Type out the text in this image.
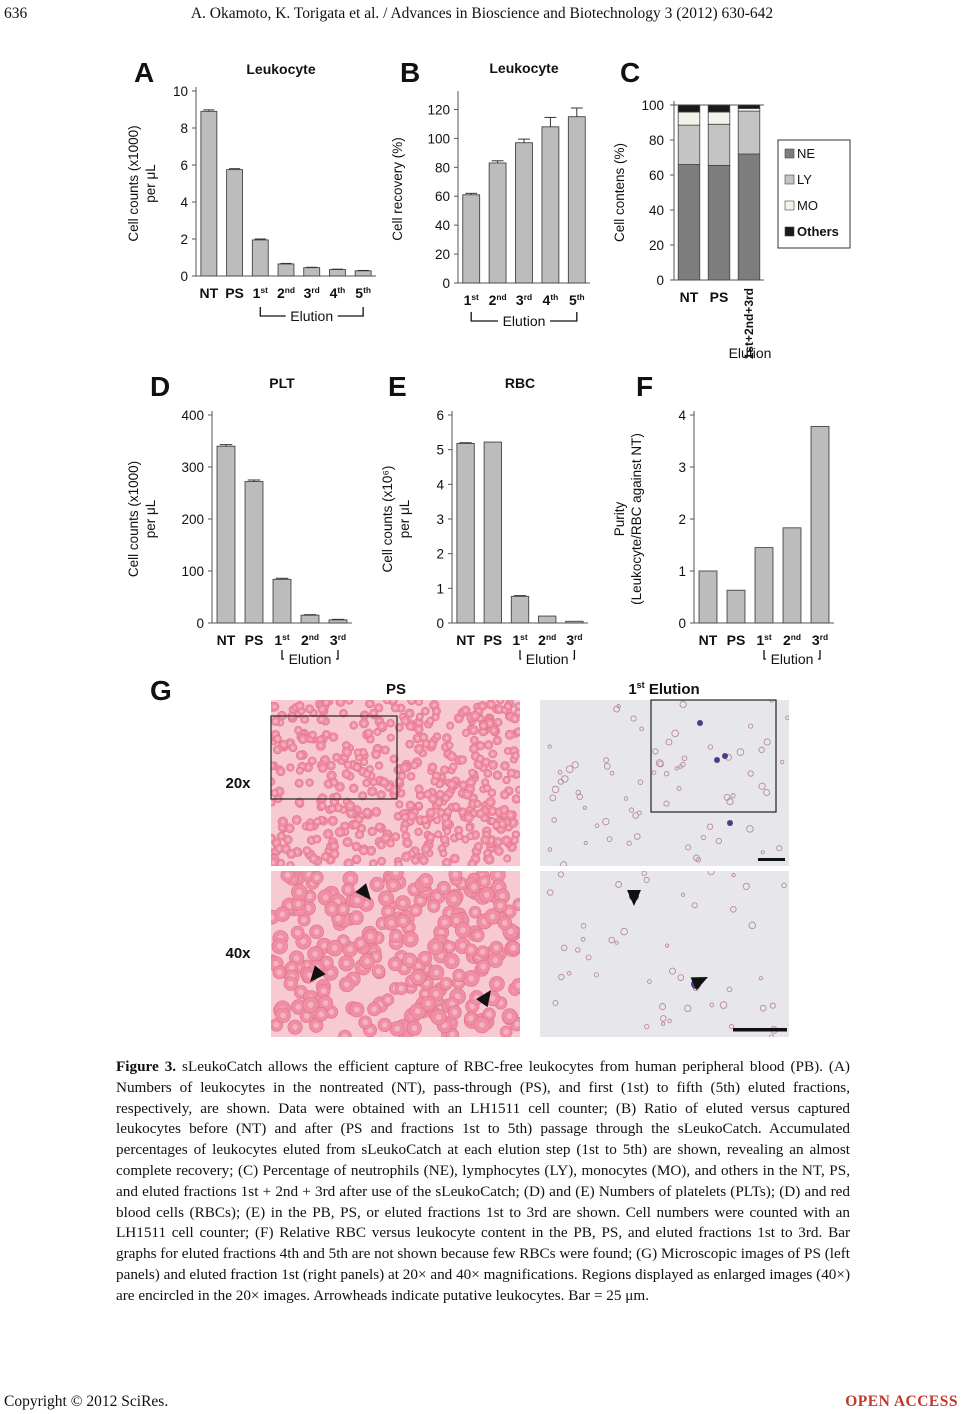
636	A. Okamoto, K. Torigata et al. / Advances in Bioscience and Biotechnology 3 (2012) 630-642
A	Leukocyte
Cell counts (x1000) per μL
0
2
4
6
8
10
NT PS 1st 2nd 3rd 4th 5th
Elution
B	Leukocyte
Cell recovery (%)
0
20
40
60
80
100
120
1st 2nd 3rd 4th 5th
Elution
D	PLT
Cell counts (x1000) per μL
0
100
200
300
400
NT PS 1st 2nd 3rd
Elution
E	RBC
Cell counts (x10⁶) per μL
0
1
2
3
4
5
6
NT PS 1st 2nd 3rd
Elution
F
Purity (Leukocyte/RBC against NT)
0
1
2
3
4
NT PS 1st 2nd 3rd
Elution
C
Cell contens (%)
0
20
40
60
80
100
NT PS 1st+2nd+3rd
Elution
NE
LY
MO
Others
G	PS	1st Elution
20x
40x
Figure 3. sLeukoCatch allows the efficient capture of RBC-free leukocytes from human peripheral blood (PB). (A) Numbers of leukocytes in the nontreated (NT), pass-through (PS), and first (1st) to fifth (5th) eluted fractions, respectively, are shown. Data were obtained with an LH1511 cell counter; (B) Ratio of eluted versus captured leukocytes before (NT) and after (PS and fractions 1st to 5th) passage through the sLeukoCatch. Accumulated percentages of leukocytes eluted from sLeukoCatch at each elution step (1st to 5th) are shown, revealing an almost complete recovery; (C) Percentage of neutrophils (NE), lymphocytes (LY), monocytes (MO), and others in the NT, PS, and eluted fractions 1st + 2nd + 3rd after use of the sLeukoCatch; (D) and (E) Numbers of platelets (PLTs); (D) and red blood cells (RBCs); (E) in the PB, PS, or eluted fractions 1st to 3rd are shown. Cell numbers were counted with an LH1511 cell counter; (F) Relative RBC versus leukocyte content in the PB, PS, and eluted fractions 1st to 3rd. Bar graphs for eluted fractions 4th and 5th are not shown because few RBCs were found; (G) Microscopic images of PS (left panels) and eluted fraction 1st (right panels) at 20× and 40× magnifications. Regions displayed as enlarged images (40×) are encircled in the 20× images. Arrowheads indicate putative leukocytes. Bar = 25 μm.
Copyright © 2012 SciRes.	OPEN ACCESS
